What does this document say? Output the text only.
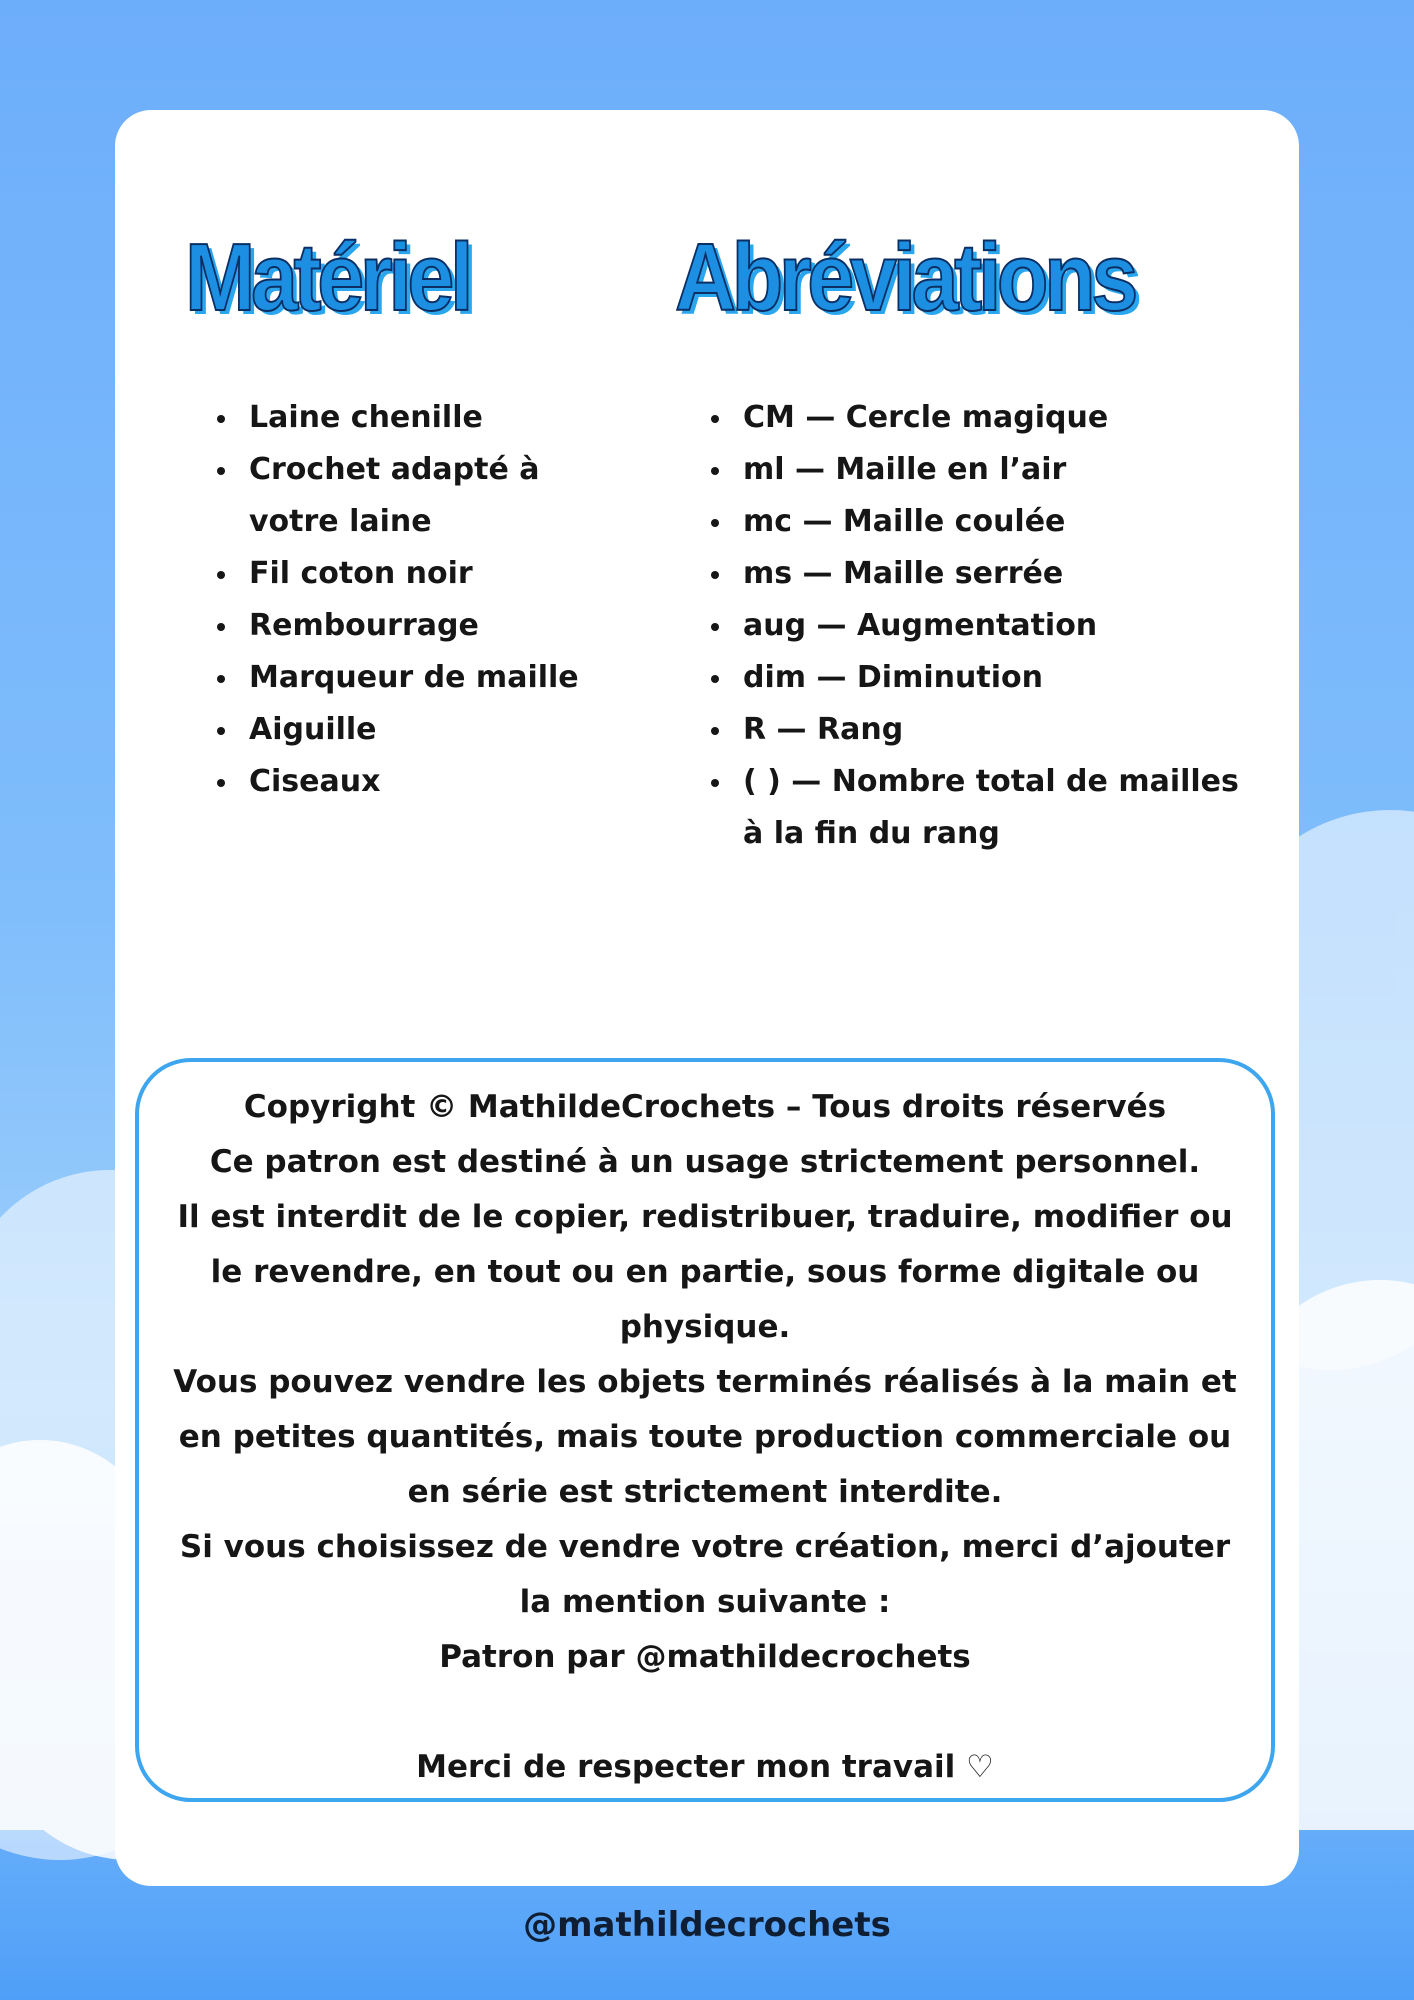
Matériel Abréviations
Laine chenille
Crochet adapté à votre laine
Fil coton noir
Rembourrage
Marqueur de maille
Aiguille
Ciseaux
CM — Cercle magique
ml — Maille en l’air
mc — Maille coulée
ms — Maille serrée
aug — Augmentation
dim — Diminution
R — Rang
( ) — Nombre total de mailles à la fin du rang

Copyright © MathildeCrochets – Tous droits réservés

Ce patron est destiné à un usage strictement personnel.

Il est interdit de le copier, redistribuer, traduire, modifier ou le revendre, en tout ou en partie, sous forme digitale ou physique.

Vous pouvez vendre les objets terminés réalisés à la main et en petites quantités, mais toute production commerciale ou en série est strictement interdite.

Si vous choisissez de vendre votre création, merci d’ajouter la mention suivante :

Patron par @mathildecrochets

Merci de respecter mon travail ♡

@mathildecrochets
